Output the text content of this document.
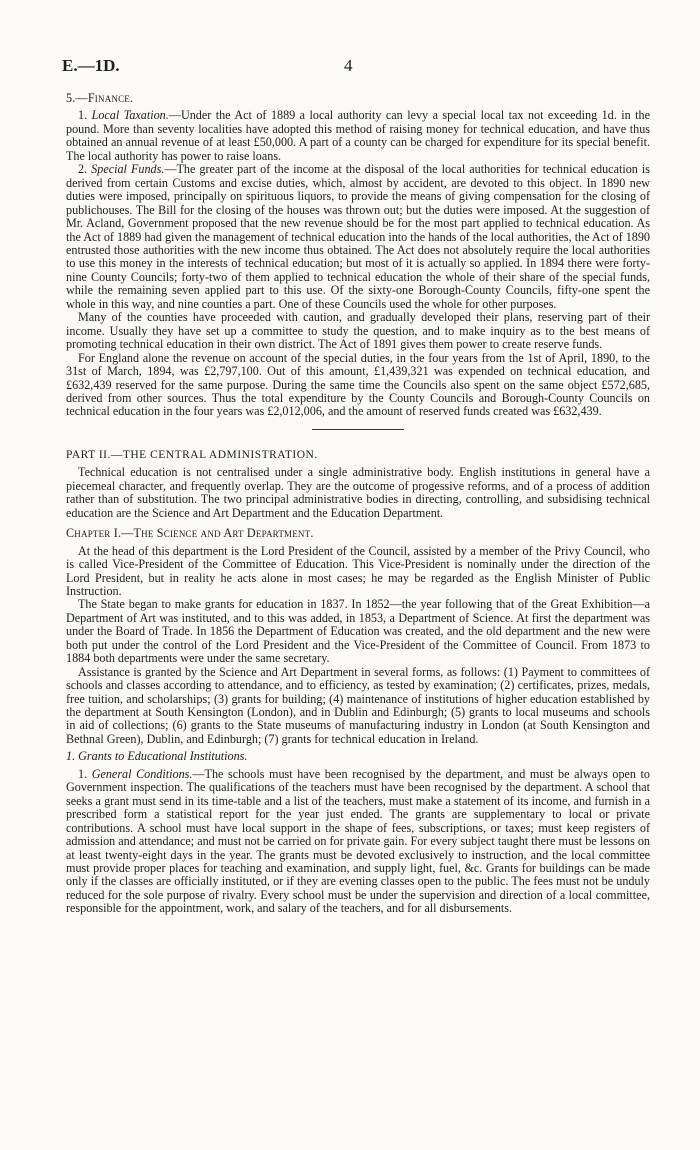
E.—1D.	4

5.—Finance.

1. Local Taxation.—Under the Act of 1889 a local authority can levy a special local tax not exceeding 1d. in the pound. More than seventy localities have adopted this method of raising money for technical education, and have thus obtained an annual revenue of at least £50,000. A part of a county can be charged for expenditure for its special benefit. The local authority has power to raise loans.

2. Special Funds.—The greater part of the income at the disposal of the local authorities for technical education is derived from certain Customs and excise duties, which, almost by accident, are devoted to this object. In 1890 new duties were imposed, principally on spirituous liquors, to provide the means of giving compensation for the closing of publichouses. The Bill for the closing of the houses was thrown out; but the duties were imposed. At the suggestion of Mr. Acland, Government proposed that the new revenue should be for the most part applied to technical education. As the Act of 1889 had given the management of technical education into the hands of the local authorities, the Act of 1890 entrusted those authorities with the new income thus obtained. The Act does not absolutely require the local authorities to use this money in the interests of technical education; but most of it is actually so applied. In 1894 there were forty-nine County Councils; forty-two of them applied to technical education the whole of their share of the special funds, while the remaining seven applied part to this use. Of the sixty-one Borough-County Councils, fifty-one spent the whole in this way, and nine counties a part. One of these Councils used the whole for other purposes.

Many of the counties have proceeded with caution, and gradually developed their plans, reserving part of their income. Usually they have set up a committee to study the question, and to make inquiry as to the best means of promoting technical education in their own district. The Act of 1891 gives them power to create reserve funds.

For England alone the revenue on account of the special duties, in the four years from the 1st of April, 1890, to the 31st of March, 1894, was £2,797,100. Out of this amount, £1,439,321 was expended on technical education, and £632,439 reserved for the same purpose. During the same time the Councils also spent on the same object £572,685, derived from other sources. Thus the total expenditure by the County Councils and Borough-County Councils on technical education in the four years was £2,012,006, and the amount of reserved funds created was £632,439.

PART II.—THE CENTRAL ADMINISTRATION.

Technical education is not centralised under a single administrative body. English institutions in general have a piecemeal character, and frequently overlap. They are the outcome of progessive reforms, and of a process of addition rather than of substitution. The two principal administrative bodies in directing, controlling, and subsidising technical education are the Science and Art Department and the Education Department.

Chapter I.—The Science and Art Department.

At the head of this department is the Lord President of the Council, assisted by a member of the Privy Council, who is called Vice-President of the Committee of Education. This Vice-President is nominally under the direction of the Lord President, but in reality he acts alone in most cases; he may be regarded as the English Minister of Public Instruction.

The State began to make grants for education in 1837. In 1852—the year following that of the Great Exhibition—a Department of Art was instituted, and to this was added, in 1853, a Department of Science. At first the department was under the Board of Trade. In 1856 the Department of Education was created, and the old department and the new were both put under the control of the Lord President and the Vice-President of the Committee of Council. From 1873 to 1884 both departments were under the same secretary.

Assistance is granted by the Science and Art Department in several forms, as follows: (1) Payment to committees of schools and classes according to attendance, and to efficiency, as tested by examination; (2) certificates, prizes, medals, free tuition, and scholarships; (3) grants for building; (4) maintenance of institutions of higher education established by the department at South Kensington (London), and in Dublin and Edinburgh; (5) grants to local museums and schools in aid of collections; (6) grants to the State museums of manufacturing industry in London (at South Kensington and Bethnal Green), Dublin, and Edinburgh; (7) grants for technical education in Ireland.

1. Grants to Educational Institutions.

1. General Conditions.—The schools must have been recognised by the department, and must be always open to Government inspection. The qualifications of the teachers must have been recognised by the department. A school that seeks a grant must send in its time-table and a list of the teachers, must make a statement of its income, and furnish in a prescribed form a statistical report for the year just ended. The grants are supplementary to local or private contributions. A school must have local support in the shape of fees, subscriptions, or taxes; must keep registers of admission and attendance; and must not be carried on for private gain. For every subject taught there must be lessons on at least twenty-eight days in the year. The grants must be devoted exclusively to instruction, and the local committee must provide proper places for teaching and examination, and supply light, fuel, &c. Grants for buildings can be made only if the classes are officially instituted, or if they are evening classes open to the public. The fees must not be unduly reduced for the sole purpose of rivalry. Every school must be under the supervision and direction of a local committee, responsible for the appointment, work, and salary of the teachers, and for all disbursements.
